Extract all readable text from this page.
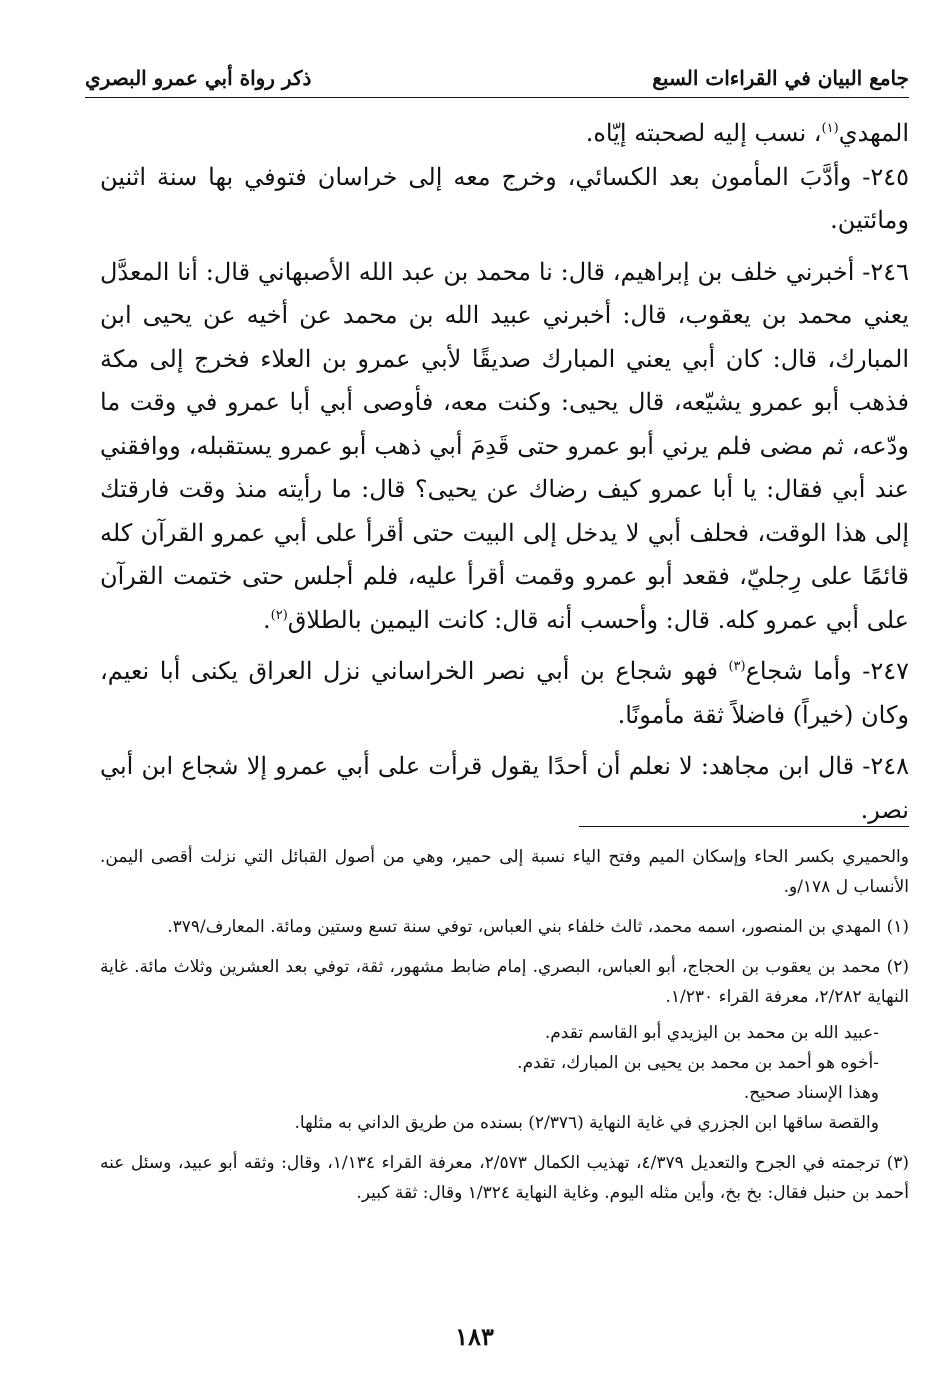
جامع البيان في القراءات السبع
ذكر رواة أبي عمرو البصري

المهدي$^{(١)}$، نسب إليه لصحبته إيّاه.

٢٤٥- وأدَّبَ المأمون بعد الكسائي، وخرج معه إلى خراسان فتوفي بها سنة اثنين ومائتين.

٢٤٦- أخبرني خلف بن إبراهيم، قال: نا محمد بن عبد الله الأصبهاني قال: أنا المعدَّل يعني محمد بن يعقوب، قال: أخبرني عبيد الله بن محمد عن أخيه عن يحيى ابن المبارك، قال: كان أبي يعني المبارك صديقًا لأبي عمرو بن العلاء فخرج إلى مكة فذهب أبو عمرو يشيّعه، قال يحيى: وكنت معه، فأوصى أبي أبا عمرو في وقت ما ودّعه، ثم مضى فلم يرني أبو عمرو حتى قَدِمَ أبي ذهب أبو عمرو يستقبله، ووافقني عند أبي فقال: يا أبا عمرو كيف رضاك عن يحيى؟ قال: ما رأيته منذ وقت فارقتك إلى هذا الوقت، فحلف أبي لا يدخل إلى البيت حتى أقرأ على أبي عمرو القرآن كله قائمًا على رِجليّ، فقعد أبو عمرو وقمت أقرأ عليه، فلم أجلس حتى ختمت القرآن على أبي عمرو كله. قال: وأحسب أنه قال: كانت اليمين بالطلاق$^{(٢)}$.

٢٤٧- وأما شجاع$^{(٣)}$ فهو شجاع بن أبي نصر الخراساني نزل العراق يكنى أبا نعيم، وكان (خيراً) فاضلاً ثقة مأمونًا.

٢٤٨- قال ابن مجاهد: لا نعلم أن أحدًا يقول قرأت على أبي عمرو إلا شجاع ابن أبي نصر.

والحميري بكسر الحاء وإسكان الميم وفتح الياء نسبة إلى حمير، وهي من أصول القبائل التي نزلت أقصى اليمن. الأنساب ل ١٧٨/و.

(١) المهدي بن المنصور، اسمه محمد، ثالث خلفاء بني العباس، توفي سنة تسع وستين ومائة. المعارف/٣٧٩.

(٢) محمد بن يعقوب بن الحجاج، أبو العباس، البصري. إمام ضابط مشهور، ثقة، توفي بعد العشرين وثلاث مائة. غاية النهاية ٢/٢٨٢، معرفة القراء ١/٢٣٠.

-عبيد الله بن محمد بن اليزيدي أبو القاسم تقدم.

-أخوه هو أحمد بن محمد بن يحيى بن المبارك، تقدم.

وهذا الإسناد صحيح.

والقصة ساقها ابن الجزري في غاية النهاية (٢/٣٧٦) بسنده من طريق الداني به مثلها.

(٣) ترجمته في الجرح والتعديل ٤/٣٧٩، تهذيب الكمال ٢/٥٧٣، معرفة القراء ١/١٣٤، وقال: وثقه أبو عبيد، وسئل عنه أحمد بن حنبل فقال: بخ بخ، وأين مثله اليوم. وغاية النهاية ١/٣٢٤ وقال: ثقة كبير.

١٨٣
